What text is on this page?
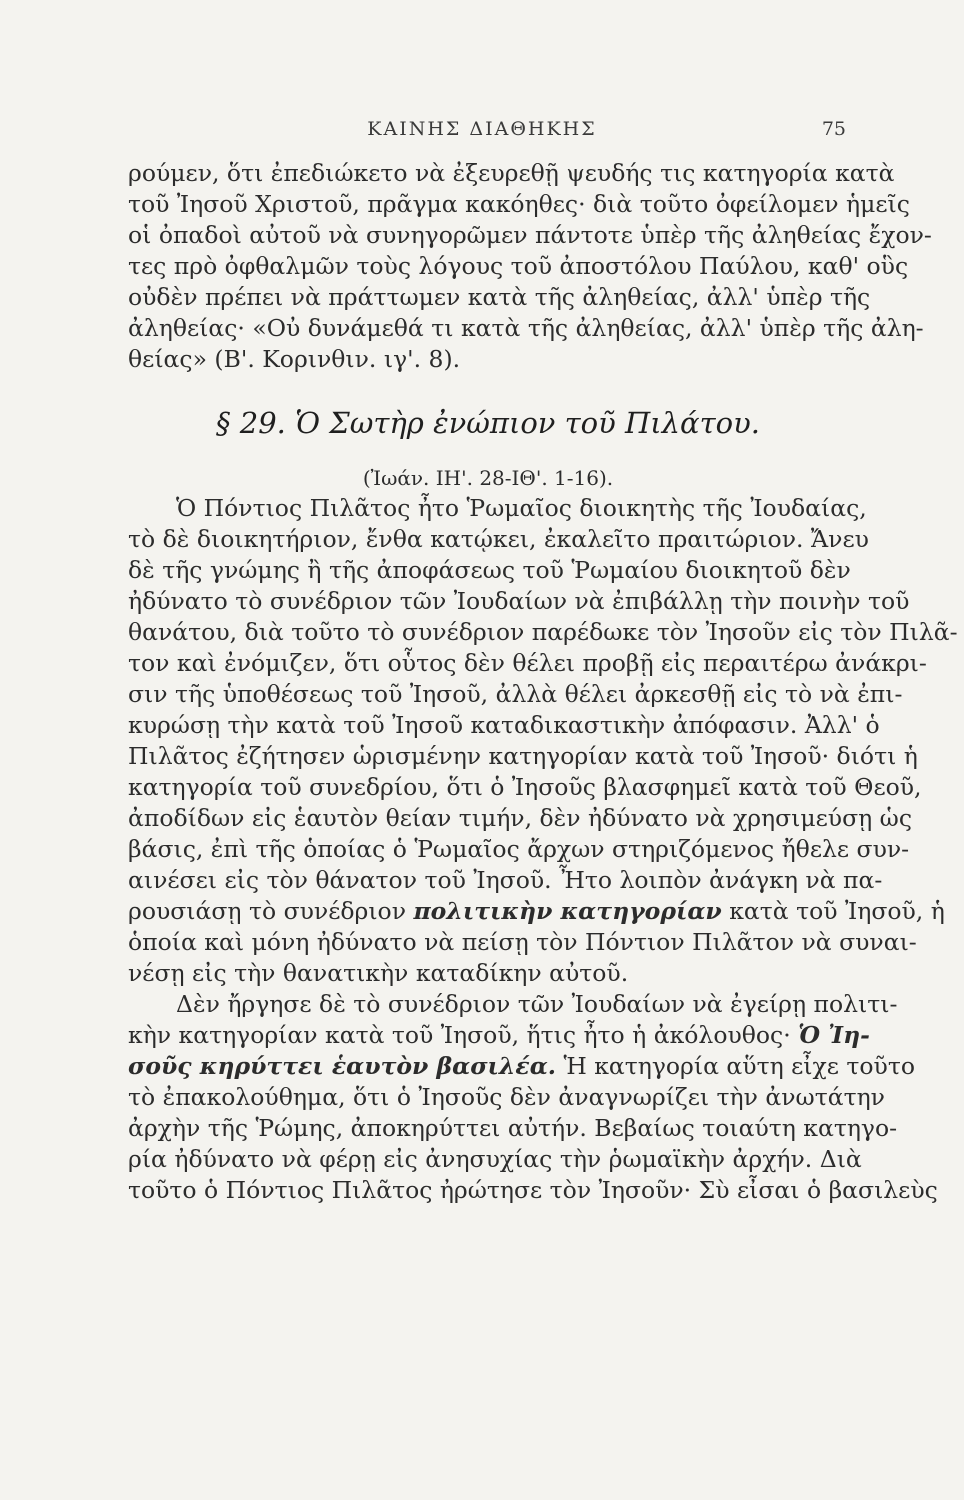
ΚΑΙΝΗΣ ΔΙΑΘΗΚΗΣ	75
ρούμεν, ὅτι ἐπεδιώκετο νὰ ἐξευρεθῇ ψευδής τις κατηγορία κατὰ
τοῦ Ἰησοῦ Χριστοῦ, πρᾶγμα κακόηθες· διὰ τοῦτο ὀφείλομεν ἡμεῖς
οἱ ὀπαδοὶ αὐτοῦ νὰ συνηγορῶμεν πάντοτε ὑπὲρ τῆς ἀληθείας ἔχον-
τες πρὸ ὀφθαλμῶν τοὺς λόγους τοῦ ἀποστόλου Παύλου, καθ' οὓς
οὐδὲν πρέπει νὰ πράττωμεν κατὰ τῆς ἀληθείας, ἀλλ' ὑπὲρ τῆς
ἀληθείας· «Οὐ δυνάμεθά τι κατὰ τῆς ἀληθείας, ἀλλ' ὑπὲρ τῆς ἀλη-
θείας» (Β'. Κορινθιν. ιγ'. 8).
§ 29. Ὁ Σωτὴρ ἐνώπιον τοῦ Πιλάτου.
(Ἰωάν. ΙΗ'. 28-ΙΘ'. 1-16).
Ὁ Πόντιος Πιλᾶτος ἦτο Ῥωμαῖος διοικητὴς τῆς Ἰουδαίας,
τὸ δὲ διοικητήριον, ἔνθα κατῴκει, ἐκαλεῖτο πραιτώριον. Ἄνευ
δὲ τῆς γνώμης ἢ τῆς ἀποφάσεως τοῦ Ῥωμαίου διοικητοῦ δὲν
ἠδύνατο τὸ συνέδριον τῶν Ἰουδαίων νὰ ἐπιβάλλῃ τὴν ποινὴν τοῦ
θανάτου, διὰ τοῦτο τὸ συνέδριον παρέδωκε τὸν Ἰησοῦν εἰς τὸν Πιλᾶ-
τον καὶ ἐνόμιζεν, ὅτι οὗτος δὲν θέλει προβῇ εἰς περαιτέρω ἀνάκρι-
σιν τῆς ὑποθέσεως τοῦ Ἰησοῦ, ἀλλὰ θέλει ἀρκεσθῇ εἰς τὸ νὰ ἐπι-
κυρώσῃ τὴν κατὰ τοῦ Ἰησοῦ καταδικαστικὴν ἀπόφασιν. Ἀλλ' ὁ
Πιλᾶτος ἐζήτησεν ὡρισμένην κατηγορίαν κατὰ τοῦ Ἰησοῦ· διότι ἡ
κατηγορία τοῦ συνεδρίου, ὅτι ὁ Ἰησοῦς βλασφημεῖ κατὰ τοῦ Θεοῦ,
ἀποδίδων εἰς ἑαυτὸν θείαν τιμήν, δὲν ἠδύνατο νὰ χρησιμεύσῃ ὡς
βάσις, ἐπὶ τῆς ὁποίας ὁ Ῥωμαῖος ἄρχων στηριζόμενος ἤθελε συν-
αινέσει εἰς τὸν θάνατον τοῦ Ἰησοῦ. Ἦτο λοιπὸν ἀνάγκη νὰ πα-
ρουσιάσῃ τὸ συνέδριον πολιτικὴν κατηγορίαν κατὰ τοῦ Ἰησοῦ, ἡ
ὁποία καὶ μόνη ἠδύνατο νὰ πείσῃ τὸν Πόντιον Πιλᾶτον νὰ συναι-
νέσῃ εἰς τὴν θανατικὴν καταδίκην αὐτοῦ.
Δὲν ἤργησε δὲ τὸ συνέδριον τῶν Ἰουδαίων νὰ ἐγείρῃ πολιτι-
κὴν κατηγορίαν κατὰ τοῦ Ἰησοῦ, ἥτις ἦτο ἡ ἀκόλουθος· Ὁ Ἰη-
σοῦς κηρύττει ἑαυτὸν βασιλέα. Ἡ κατηγορία αὕτη εἶχε τοῦτο
τὸ ἐπακολούθημα, ὅτι ὁ Ἰησοῦς δὲν ἀναγνωρίζει τὴν ἀνωτάτην
ἀρχὴν τῆς Ῥώμης, ἀποκηρύττει αὐτήν. Βεβαίως τοιαύτη κατηγο-
ρία ἠδύνατο νὰ φέρῃ εἰς ἀνησυχίας τὴν ῥωμαϊκὴν ἀρχήν. Διὰ
τοῦτο ὁ Πόντιος Πιλᾶτος ἠρώτησε τὸν Ἰησοῦν· Σὺ εἶσαι ὁ βασιλεὺς
